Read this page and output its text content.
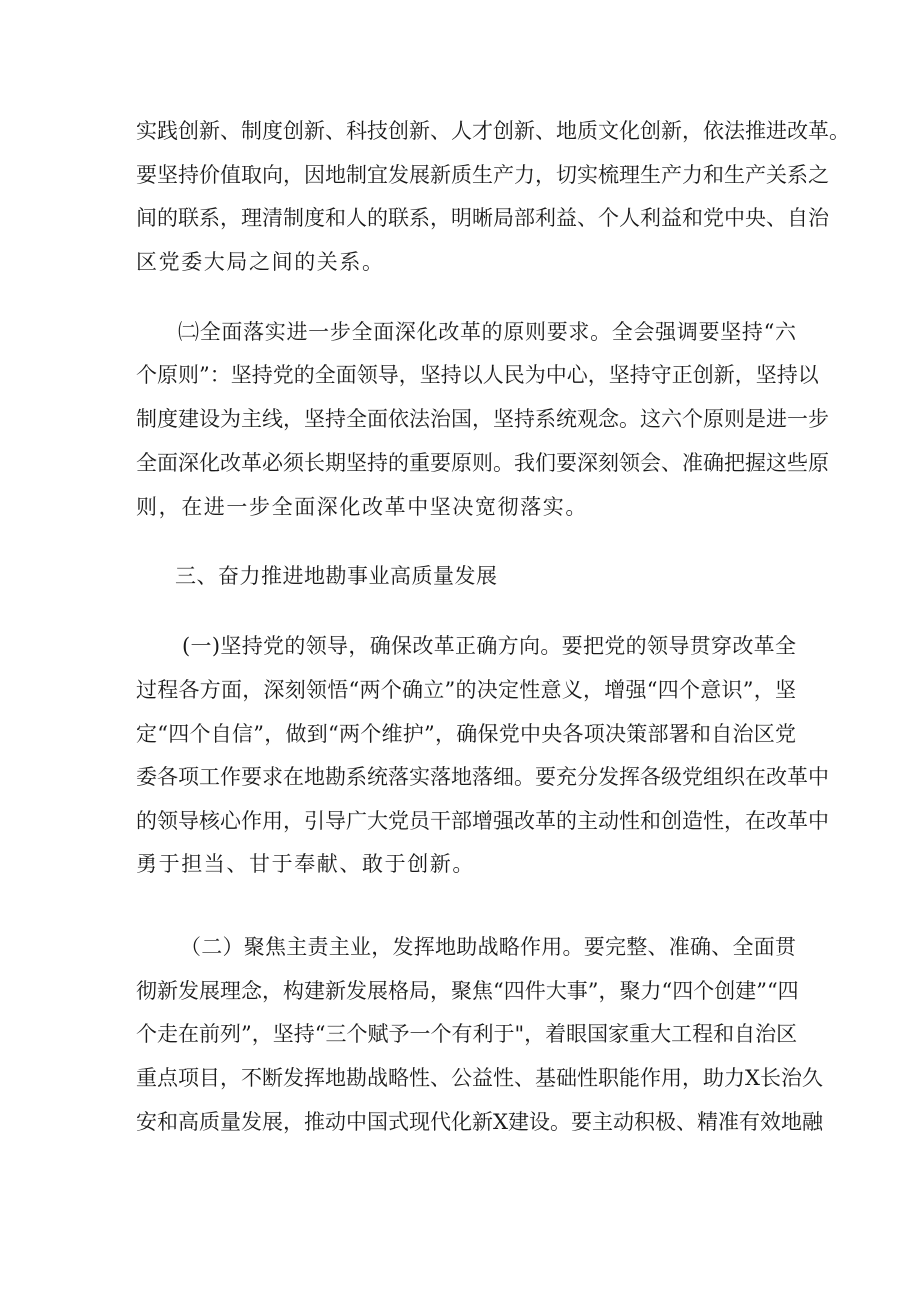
实践创新、制度创新、科技创新、人才创新、地质文化创新，依法推进改革。

要坚持价值取向，因地制宜发展新质生产力，切实梳理生产力和生产关系之

间的联系，理清制度和人的联系，明晰局部利益、个人利益和党中央、自治

区党委大局之间的关系。

㈡全面落实进一步全面深化改革的原则要求。全会强调要坚持“六

个原则”：坚持党的全面领导，坚持以人民为中心，坚持守正创新，坚持以

制度建设为主线，坚持全面依法治国，坚持系统观念。这六个原则是进一步

全面深化改革必须长期坚持的重要原则。我们要深刻领会、准确把握这些原

则，在进一步全面深化改革中坚决宽彻落实。

三、奋力推进地勘事业高质量发展

(一)坚持党的领导，确保改革正确方向。要把党的领导贯穿改革全

过程各方面，深刻领悟“两个确立”的决定性意义，增强“四个意识”，坚

定“四个自信”，做到“两个维护”，确保党中央各项决策部署和自治区党

委各项工作要求在地勘系统落实落地落细。要充分发挥各级党组织在改革中

的领导核心作用，引导广大党员干部增强改革的主动性和创造性，在改革中

勇于担当、甘于奉献、敢于创新。

（二）聚焦主责主业，发挥地助战略作用。要完整、准确、全面贯

彻新发展理念，构建新发展格局，聚焦“四件大事”，聚力“四个创建”“四

个走在前列”，坚持“三个赋予一个有利于"，着眼国家重大工程和自治区

重点项目，不断发挥地勘战略性、公益性、基础性职能作用，助力X长治久

安和高质量发展，推动中国式现代化新X建设。要主动积极、精准有效地融
